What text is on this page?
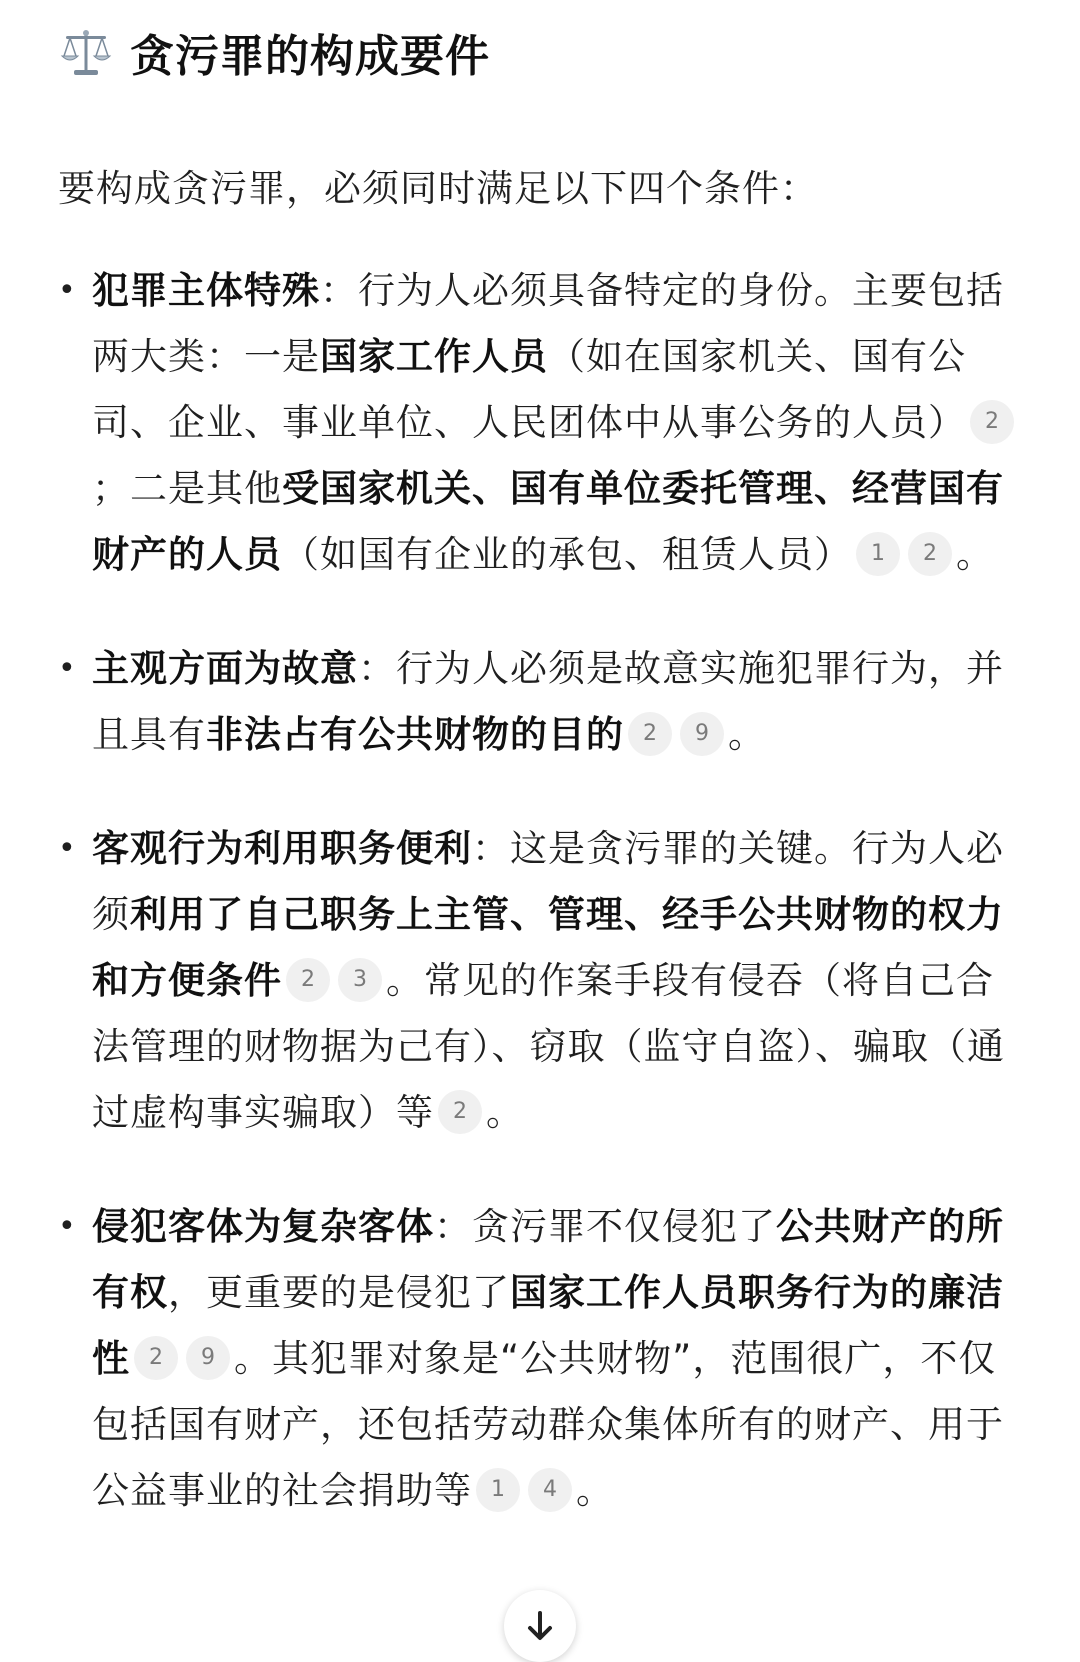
贪污罪的构成要件
要构成贪污罪，必须同时满足以下四个条件：
• 犯罪主体特殊：行为人必须具备特定的身份。主要包括两大类：一是国家工作人员（如在国家机关、国有公司、企业、事业单位、人民团体中从事公务的人员） 2；二是其他受国家机关、国有单位委托管理、经营国有财产的人员（如国有企业的承包、租赁人员） 1 2 。
• 主观方面为故意：行为人必须是故意实施犯罪行为，并且具有非法占有公共财物的目的 2 9 。
• 客观行为利用职务便利：这是贪污罪的关键。行为人必须利用了自己职务上主管、管理、经手公共财物的权力和方便条件 2 3 。常见的作案手段有侵吞（将自己合法管理的财物据为己有）、窃取（监守自盗）、骗取（通过虚构事实骗取）等 2 。
• 侵犯客体为复杂客体：贪污罪不仅侵犯了公共财产的所有权，更重要的是侵犯了国家工作人员职务行为的廉洁性 2 9 。其犯罪对象是“公共财物”，范围很广，不仅包括国有财产，还包括劳动群众集体所有的财产、用于公益事业的社会捐助等 1 4 。
